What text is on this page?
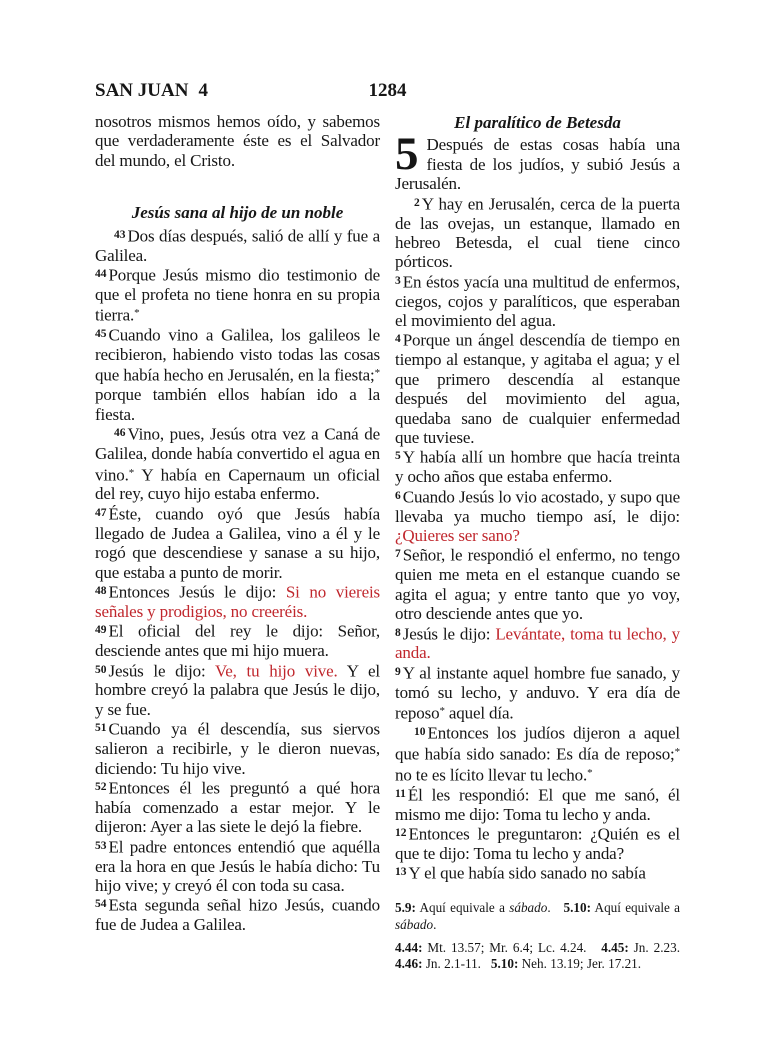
SAN JUAN 4	1284

nosotros mismos hemos oído, y sabemos que verdaderamente éste es el Salvador del mundo, el Cristo.

Jesús sana al hijo de un noble

$^{43}$ Dos días después, salió de allí y fue a Galilea.

$^{44}$ Porque Jesús mismo dio testimonio de que el profeta no tiene honra en su propia tierra.*

$^{45}$ Cuando vino a Galilea, los galileos le recibieron, habiendo visto todas las cosas que había hecho en Jerusalén, en la fiesta;* porque también ellos habían ido a la fiesta.

$^{46}$ Vino, pues, Jesús otra vez a Caná de Galilea, donde había convertido el agua en vino.* Y había en Capernaum un oficial del rey, cuyo hijo estaba enfermo.

$^{47}$ Éste, cuando oyó que Jesús había llegado de Judea a Galilea, vino a él y le rogó que descendiese y sanase a su hijo, que estaba a punto de morir.

$^{48}$ Entonces Jesús le dijo: Si no viereis señales y prodigios, no creeréis.

$^{49}$ El oficial del rey le dijo: Señor, desciende antes que mi hijo muera.

$^{50}$ Jesús le dijo: Ve, tu hijo vive. Y el hombre creyó la palabra que Jesús le dijo, y se fue.

$^{51}$ Cuando ya él descendía, sus siervos salieron a recibirle, y le dieron nuevas, diciendo: Tu hijo vive.

$^{52}$ Entonces él les preguntó a qué hora había comenzado a estar mejor. Y le dijeron: Ayer a las siete le dejó la fiebre.

$^{53}$ El padre entonces entendió que aquélla era la hora en que Jesús le había dicho: Tu hijo vive; y creyó él con toda su casa.

$^{54}$ Esta segunda señal hizo Jesús, cuando fue de Judea a Galilea.

El paralítico de Betesda

5 Después de estas cosas había una fiesta de los judíos, y subió Jesús a Jerusalén.

$^2$ Y hay en Jerusalén, cerca de la puerta de las ovejas, un estanque, llamado en hebreo Betesda, el cual tiene cinco pórticos.

$^3$ En éstos yacía una multitud de enfermos, ciegos, cojos y paralíticos, que esperaban el movimiento del agua.

$^4$ Porque un ángel descendía de tiempo en tiempo al estanque, y agitaba el agua; y el que primero descendía al estanque después del movimiento del agua, quedaba sano de cualquier enfermedad que tuviese.

$^5$ Y había allí un hombre que hacía treinta y ocho años que estaba enfermo.

$^6$ Cuando Jesús lo vio acostado, y supo que llevaba ya mucho tiempo así, le dijo: ¿Quieres ser sano?

$^7$ Señor, le respondió el enfermo, no tengo quien me meta en el estanque cuando se agita el agua; y entre tanto que yo voy, otro desciende antes que yo.

$^8$ Jesús le dijo: Levántate, toma tu lecho, y anda.

$^9$ Y al instante aquel hombre fue sanado, y tomó su lecho, y anduvo. Y era día de reposo* aquel día.

$^{10}$ Entonces los judíos dijeron a aquel que había sido sanado: Es día de reposo;* no te es lícito llevar tu lecho.*

$^{11}$ Él les respondió: El que me sanó, él mismo me dijo: Toma tu lecho y anda.

$^{12}$ Entonces le preguntaron: ¿Quién es el que te dijo: Toma tu lecho y anda?

$^{13}$ Y el que había sido sanado no sabía

5.9: Aquí equivale a sábado.   5.10: Aquí equivale a sábado.

4.44: Mt. 13.57; Mr. 6.4; Lc. 4.24.   4.45: Jn. 2.23. 4.46: Jn. 2.1-11.   5.10: Neh. 13.19; Jer. 17.21.
